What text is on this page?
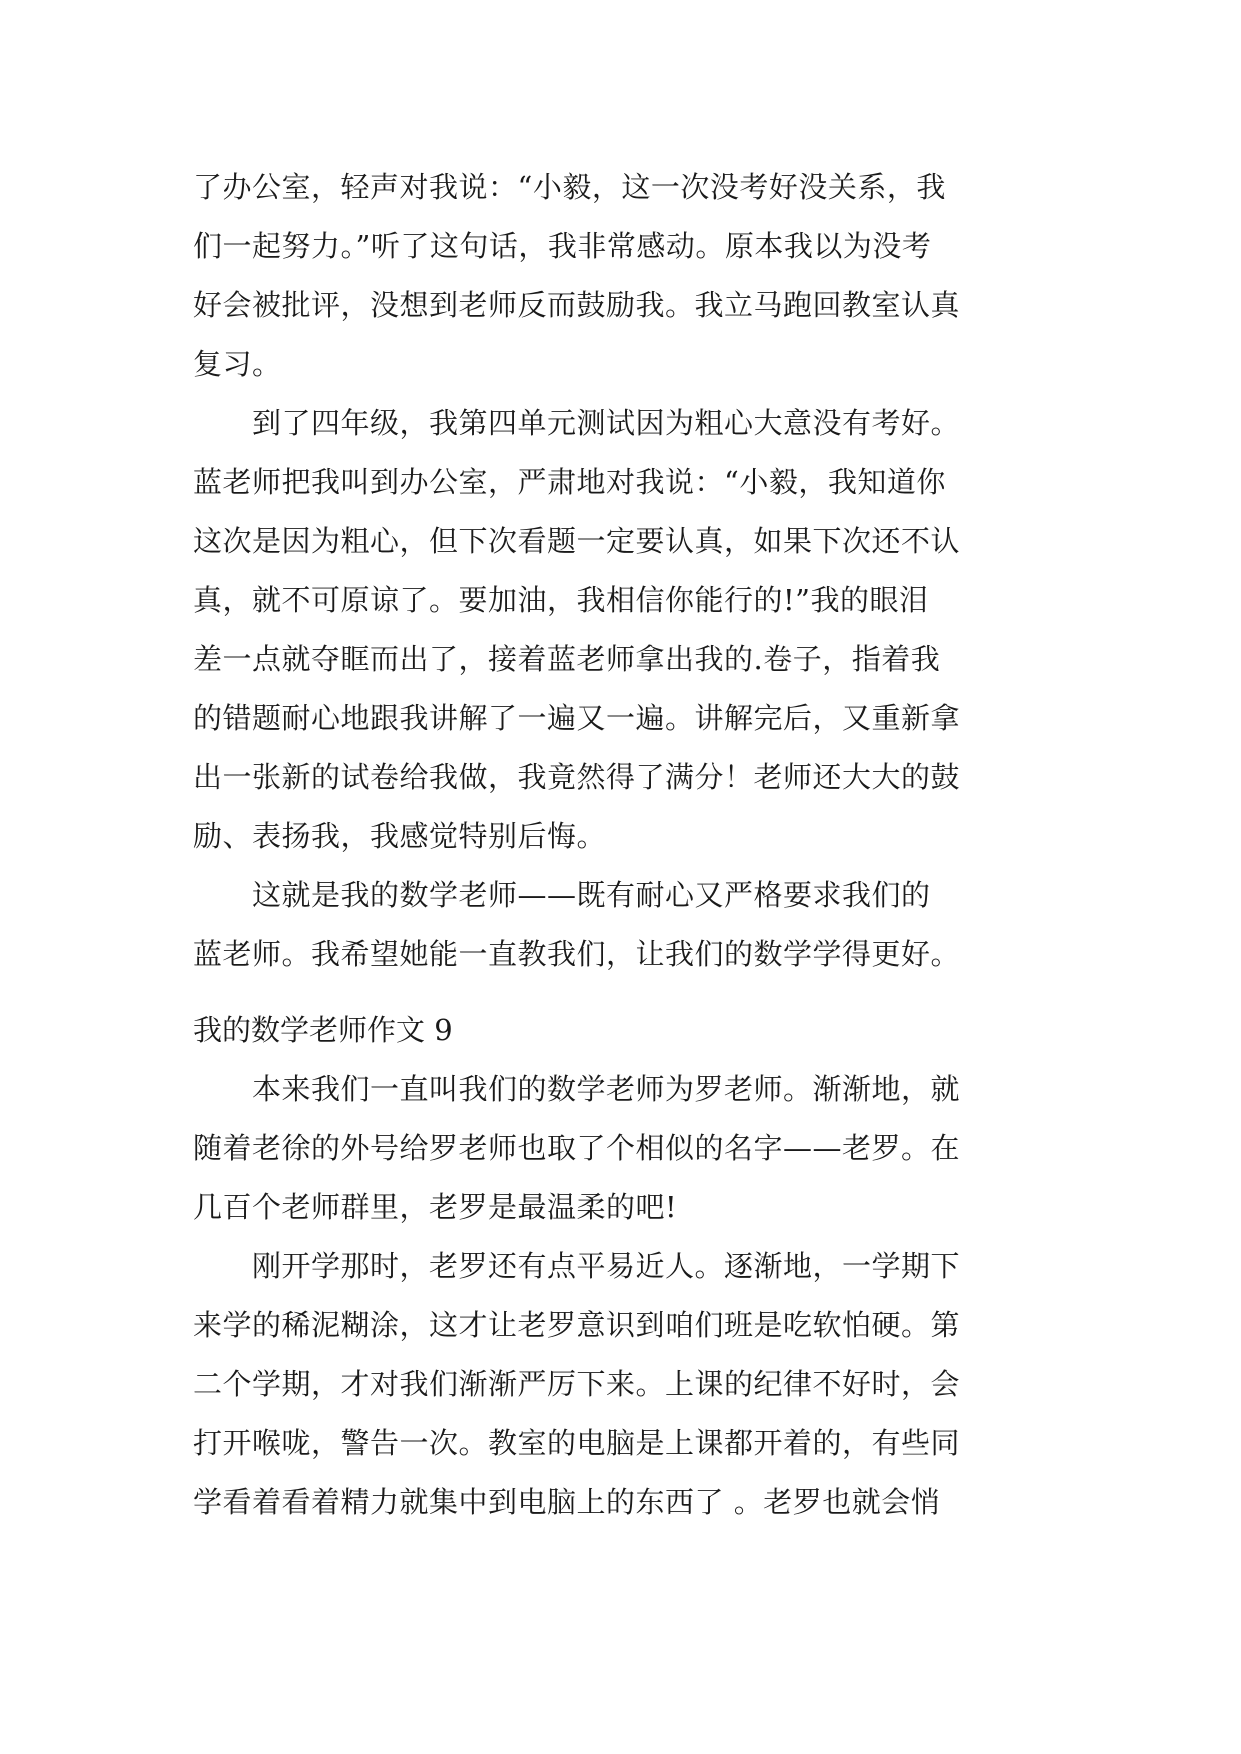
了办公室，轻声对我说：“小毅，这一次没考好没关系，我
们一起努力。”听了这句话，我非常感动。原本我以为没考
好会被批评，没想到老师反而鼓励我。我立马跑回教室认真
复习。
　　到了四年级，我第四单元测试因为粗心大意没有考好。
蓝老师把我叫到办公室，严肃地对我说：“小毅，我知道你
这次是因为粗心，但下次看题一定要认真，如果下次还不认
真，就不可原谅了。要加油，我相信你能行的!”我的眼泪
差一点就夺眶而出了，接着蓝老师拿出我的.卷子，指着我
的错题耐心地跟我讲解了一遍又一遍。讲解完后，又重新拿
出一张新的试卷给我做，我竟然得了满分！老师还大大的鼓
励、表扬我，我感觉特别后悔。
　　这就是我的数学老师——既有耐心又严格要求我们的
蓝老师。我希望她能一直教我们，让我们的数学学得更好。
我的数学老师作文 9
　　本来我们一直叫我们的数学老师为罗老师。渐渐地，就
随着老徐的外号给罗老师也取了个相似的名字——老罗。在
几百个老师群里，老罗是最温柔的吧!
　　刚开学那时，老罗还有点平易近人。逐渐地，一学期下
来学的稀泥糊涂，这才让老罗意识到咱们班是吃软怕硬。第
二个学期，才对我们渐渐严厉下来。上课的纪律不好时，会
打开喉咙，警告一次。教室的电脑是上课都开着的，有些同
学看着看着精力就集中到电脑上的东西了 。老罗也就会悄
